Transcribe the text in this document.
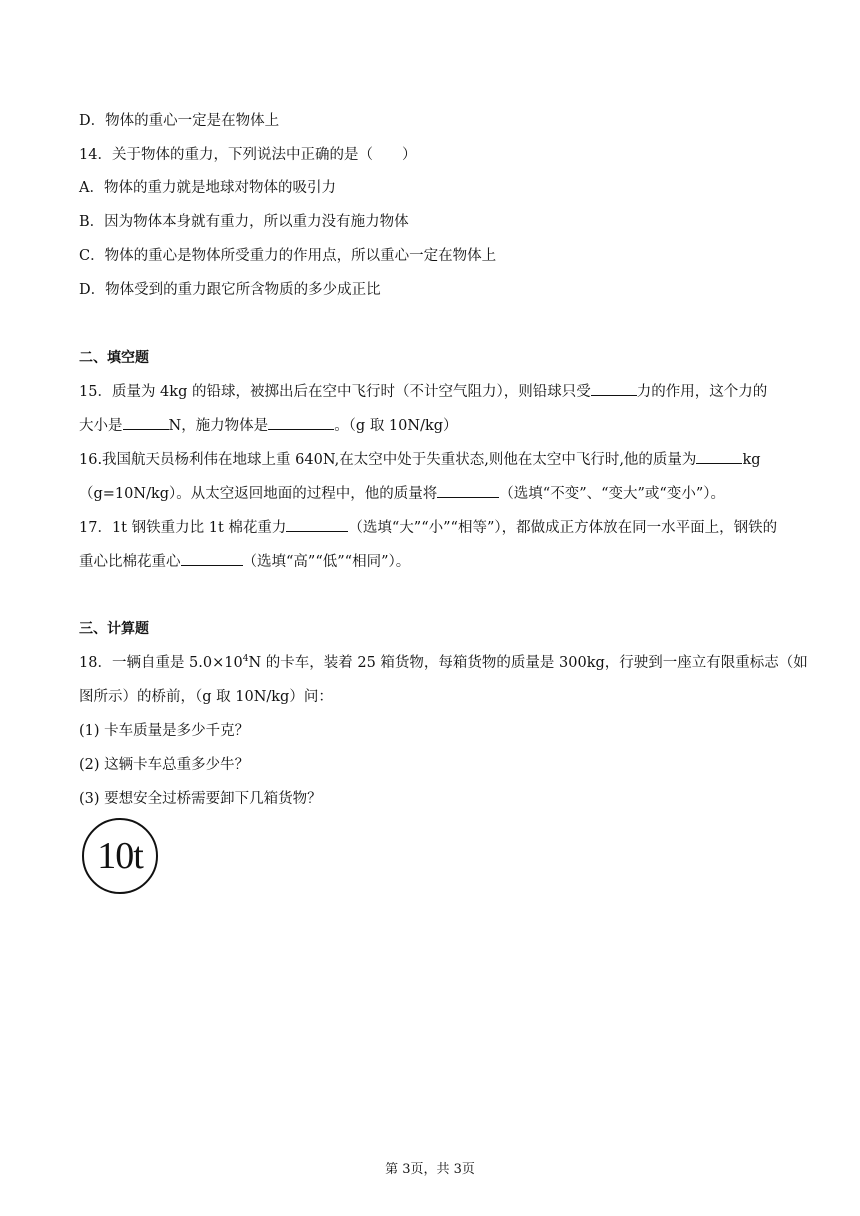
D．物体的重心一定是在物体上
14．关于物体的重力，下列说法中正确的是（　　）
A．物体的重力就是地球对物体的吸引力
B．因为物体本身就有重力，所以重力没有施力物体
C．物体的重心是物体所受重力的作用点，所以重心一定在物体上
D．物体受到的重力跟它所含物质的多少成正比
二、填空题
15．质量为 4kg 的铅球，被掷出后在空中飞行时（不计空气阻力），则铅球只受	力的作用，这个力的
大小是	N，施力物体是	。（g 取 10N/kg）
16.我国航天员杨利伟在地球上重 640N,在太空中处于失重状态,则他在太空中飞行时,他的质量为	kg
（g=10N/kg）。从太空返回地面的过程中，他的质量将	（选填“不变”、“变大”或“变小”）。
17．1t 钢铁重力比 1t 棉花重力	（选填“大”“小”“相等”），都做成正方体放在同一水平面上，钢铁的
重心比棉花重心	（选填“高”“低”“相同”）。
三、计算题
18．一辆自重是 $5.0\times 10^4N$ 的卡车，装着 25 箱货物，每箱货物的质量是 300kg，行驶到一座立有限重标志（如
图所示）的桥前，（g 取 10N/kg）问：
(1) 卡车质量是多少千克？
(2) 这辆卡车总重多少牛？
(3) 要想安全过桥需要卸下几箱货物？
10t
第 3页，共 3页
